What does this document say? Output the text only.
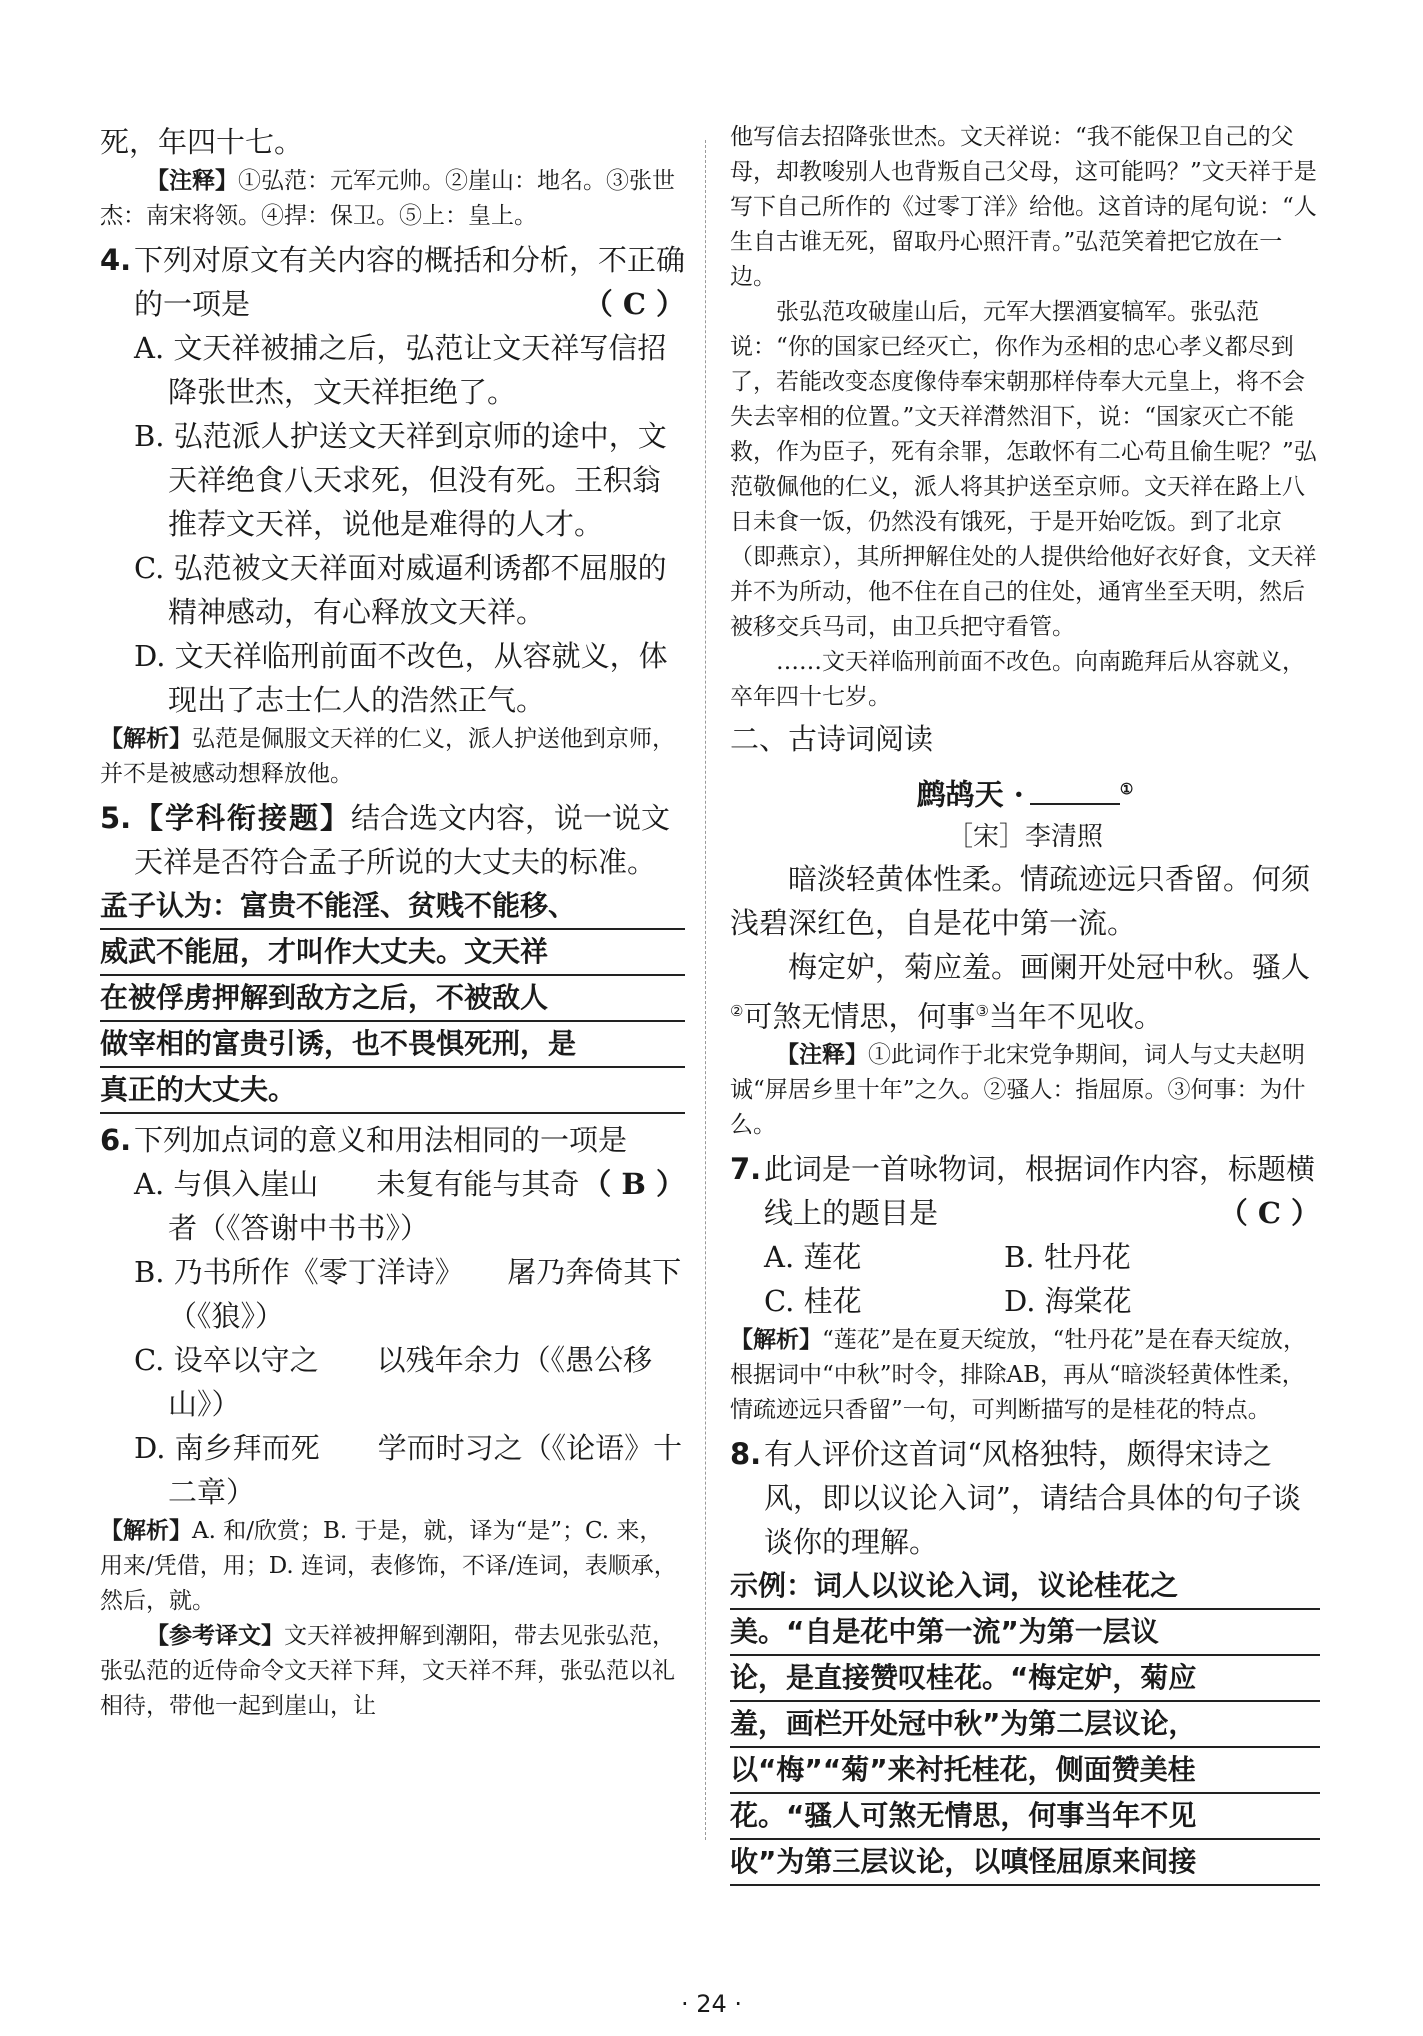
死，年四十七。

【注释】①弘范：元军元帅。②崖山：地名。③张世杰：南宋将领。④捍：保卫。⑤上：皇上。

4. 下列对原文有关内容的概括和分析，不正确的一项是	（ C ）

A. 文天祥被捕之后，弘范让文天祥写信招降张世杰，文天祥拒绝了。

B. 弘范派人护送文天祥到京师的途中，文天祥绝食八天求死，但没有死。王积翁推荐文天祥，说他是难得的人才。

C. 弘范被文天祥面对威逼利诱都不屈服的精神感动，有心释放文天祥。

D. 文天祥临刑前面不改色，从容就义，体现出了志士仁人的浩然正气。

【解析】弘范是佩服文天祥的仁义，派人护送他到京师，并不是被感动想释放他。

5. 【学科衔接题】结合选文内容，说一说文天祥是否符合孟子所说的大丈夫的标准。
孟子认为：富贵不能淫、贫贱不能移、
威武不能屈，才叫作大丈夫。文天祥
在被俘虏押解到敌方之后，不被敌人
做宰相的富贵引诱，也不畏惧死刑，是
真正的大丈夫。
6. 下列加点词的意义和用法相同的一项是
（ B ）

A. 与俱入崖山　　未复有能与其奇者（《答谢中书书》）

B. 乃书所作《零丁洋诗》　　屠乃奔倚其下（《狼》）

C. 设卒以守之　　以残年余力（《愚公移山》）

D. 南乡拜而死　　学而时习之（《论语》十二章）

【解析】A. 和/欣赏；B. 于是，就，译为“是”；C. 来，用来/凭借，用；D. 连词，表修饰，不译/连词，表顺承，然后，就。

【参考译文】文天祥被押解到潮阳，带去见张弘范，张弘范的近侍命令文天祥下拜，文天祥不拜，张弘范以礼相待，带他一起到崖山，让

他写信去招降张世杰。文天祥说：“我不能保卫自己的父母，却教唆别人也背叛自己父母，这可能吗？”文天祥于是写下自己所作的《过零丁洋》给他。这首诗的尾句说：“人生自古谁无死，留取丹心照汗青。”弘范笑着把它放在一边。

张弘范攻破崖山后，元军大摆酒宴犒军。张弘范说：“你的国家已经灭亡，你作为丞相的忠心孝义都尽到了，若能改变态度像侍奉宋朝那样侍奉大元皇上，将不会失去宰相的位置。”文天祥潸然泪下，说：“国家灭亡不能救，作为臣子，死有余罪，怎敢怀有二心苟且偷生呢？”弘范敬佩他的仁义，派人将其护送至京师。文天祥在路上八日未食一饭，仍然没有饿死，于是开始吃饭。到了北京（即燕京），其所押解住处的人提供给他好衣好食，文天祥并不为所动，他不住在自己的住处，通宵坐至天明，然后被移交兵马司，由卫兵把守看管。

……文天祥临刑前面不改色。向南跪拜后从容就义，卒年四十七岁。

二、古诗词阅读

鹧鸪天 ·	①

［宋］李清照

暗淡轻黄体性柔。情疏迹远只香留。何须浅碧深红色，自是花中第一流。

梅定妒，菊应羞。画阑开处冠中秋。骚人②可煞无情思，何事③当年不见收。

【注释】①此词作于北宋党争期间，词人与丈夫赵明诚“屏居乡里十年”之久。②骚人：指屈原。③何事：为什么。

7. 此词是一首咏物词，根据词作内容，标题横线上的题目是	（ C ）
A. 莲花	B. 牡丹花
C. 桂花	D. 海棠花

【解析】“莲花”是在夏天绽放，“牡丹花”是在春天绽放，根据词中“中秋”时令，排除AB，再从“暗淡轻黄体性柔，情疏迹远只香留”一句，可判断描写的是桂花的特点。

8. 有人评价这首词“风格独特，颇得宋诗之风，即以议论入词”，请结合具体的句子谈谈你的理解。
示例：词人以议论入词，议论桂花之
美。“自是花中第一流”为第一层议
论，是直接赞叹桂花。“梅定妒，菊应
羞，画栏开处冠中秋”为第二层议论，
以“梅”“菊”来衬托桂花，侧面赞美桂
花。“骚人可煞无情思，何事当年不见
收”为第三层议论，以嗔怪屈原来间接
· 24 ·
